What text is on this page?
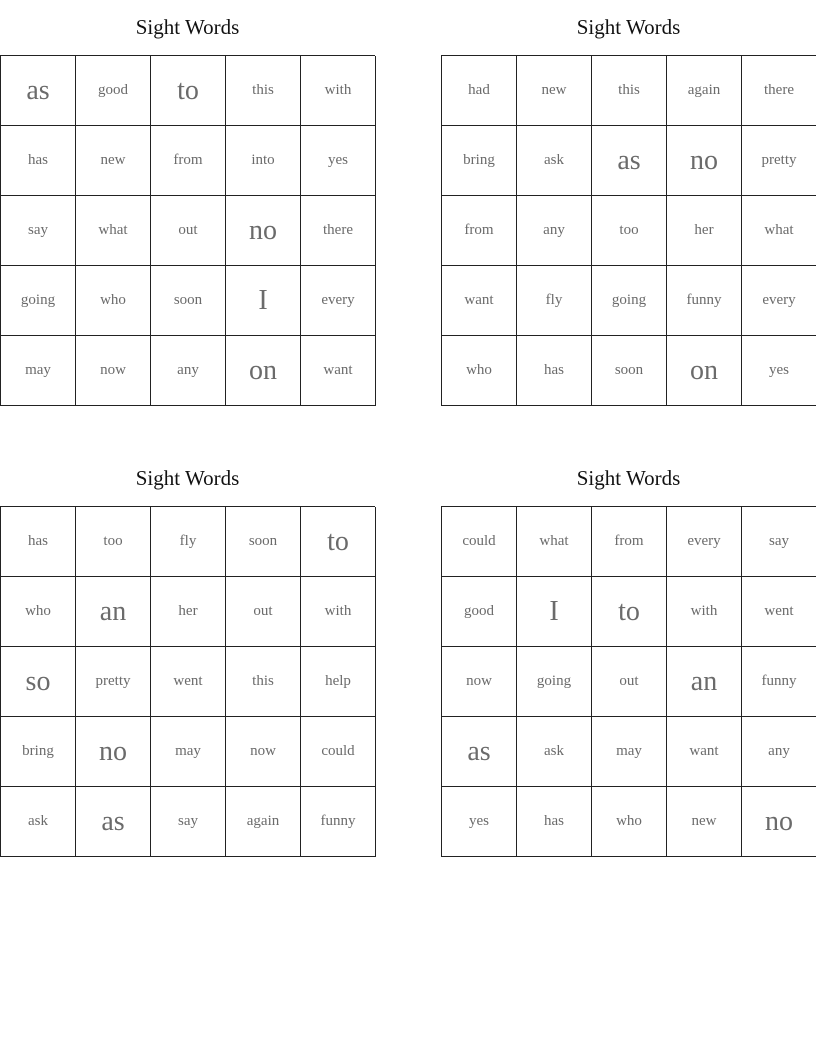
Sight Words
as	good	to	this	with
has	new	from	into	yes
say	what	out	no	there
going	who	soon	I	every
may	now	any	on	want
Sight Words
had	new	this	again	there
bring	ask	as	no	pretty
from	any	too	her	what
want	fly	going	funny	every
who	has	soon	on	yes
Sight Words
has	too	fly	soon	to
who	an	her	out	with
so	pretty	went	this	help
bring	no	may	now	could
ask	as	say	again	funny
Sight Words
could	what	from	every	say
good	I	to	with	went
now	going	out	an	funny
as	ask	may	want	any
yes	has	who	new	no
